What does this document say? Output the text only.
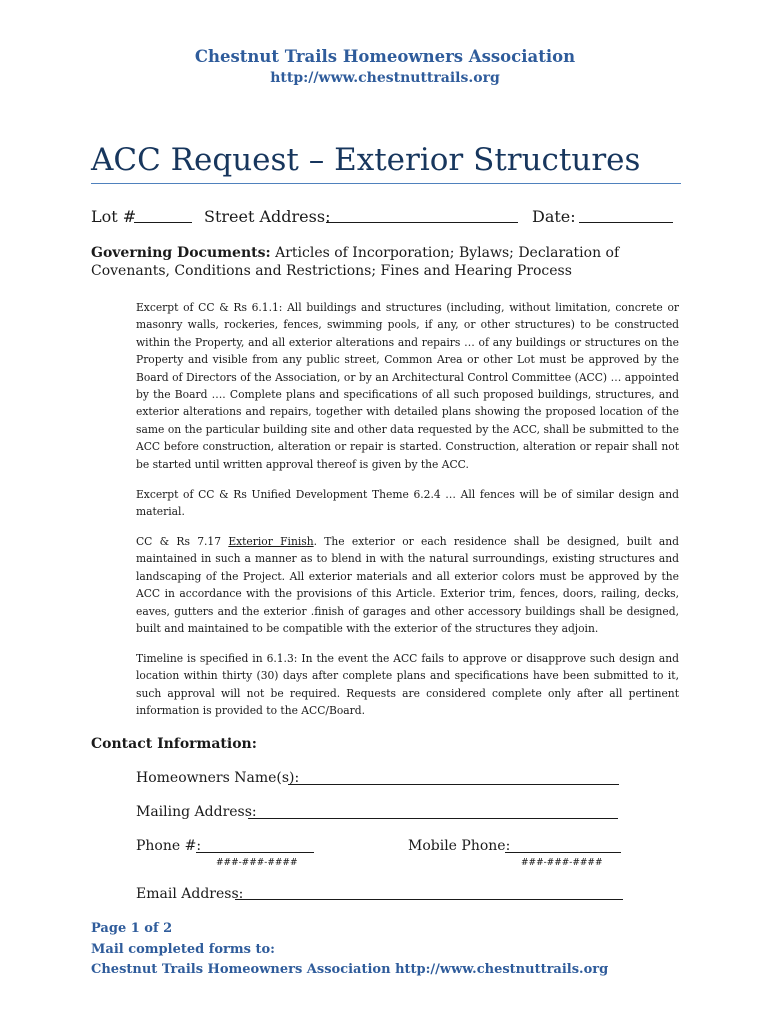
Chestnut Trails Homeowners Association
http://www.chestnuttrails.org
ACC Request – Exterior Structures
Lot #	Street Address:	Date:
Governing Documents: Articles of Incorporation; Bylaws; Declaration of Covenants, Conditions and Restrictions; Fines and Hearing Process

Excerpt of CC & Rs 6.1.1: All buildings and structures (including, without limitation, concrete or masonry walls, rockeries, fences, swimming pools, if any, or other structures) to be constructed within the Property, and all exterior alterations and repairs … of any buildings or structures on the Property and visible from any public street, Common Area or other Lot must be approved by the Board of Directors of the Association, or by an Architectural Control Committee (ACC) … appointed by the Board …. Complete plans and specifications of all such proposed buildings, structures, and exterior alterations and repairs, together with detailed plans showing the proposed location of the same on the particular building site and other data requested by the ACC, shall be submitted to the ACC before construction, alteration or repair is started. Construction, alteration or repair shall not be started until written approval thereof is given by the ACC.

Excerpt of CC & Rs Unified Development Theme 6.2.4 … All fences will be of similar design and material.

CC & Rs 7.17 Exterior Finish. The exterior or each residence shall be designed, built and maintained in such a manner as to blend in with the natural surroundings, existing structures and landscaping of the Project. All exterior materials and all exterior colors must be approved by the ACC in accordance with the provisions of this Article. Exterior trim, fences, doors, railing, decks, eaves, gutters and the exterior .finish of garages and other accessory buildings shall be designed, built and maintained to be compatible with the exterior of the structures they adjoin.

Timeline is specified in 6.1.3: In the event the ACC fails to approve or disapprove such design and location within thirty (30) days after complete plans and specifications have been submitted to it, such approval will not be required. Requests are considered complete only after all pertinent information is provided to the ACC/Board.

Contact Information:
Homeowners Name(s):
Mailing Address:
Phone #:
###-###-####
Mobile Phone:
###-###-####
Email Address:
Page 1 of 2
Mail completed forms to:
Chestnut Trails Homeowners Association http://www.chestnuttrails.org
